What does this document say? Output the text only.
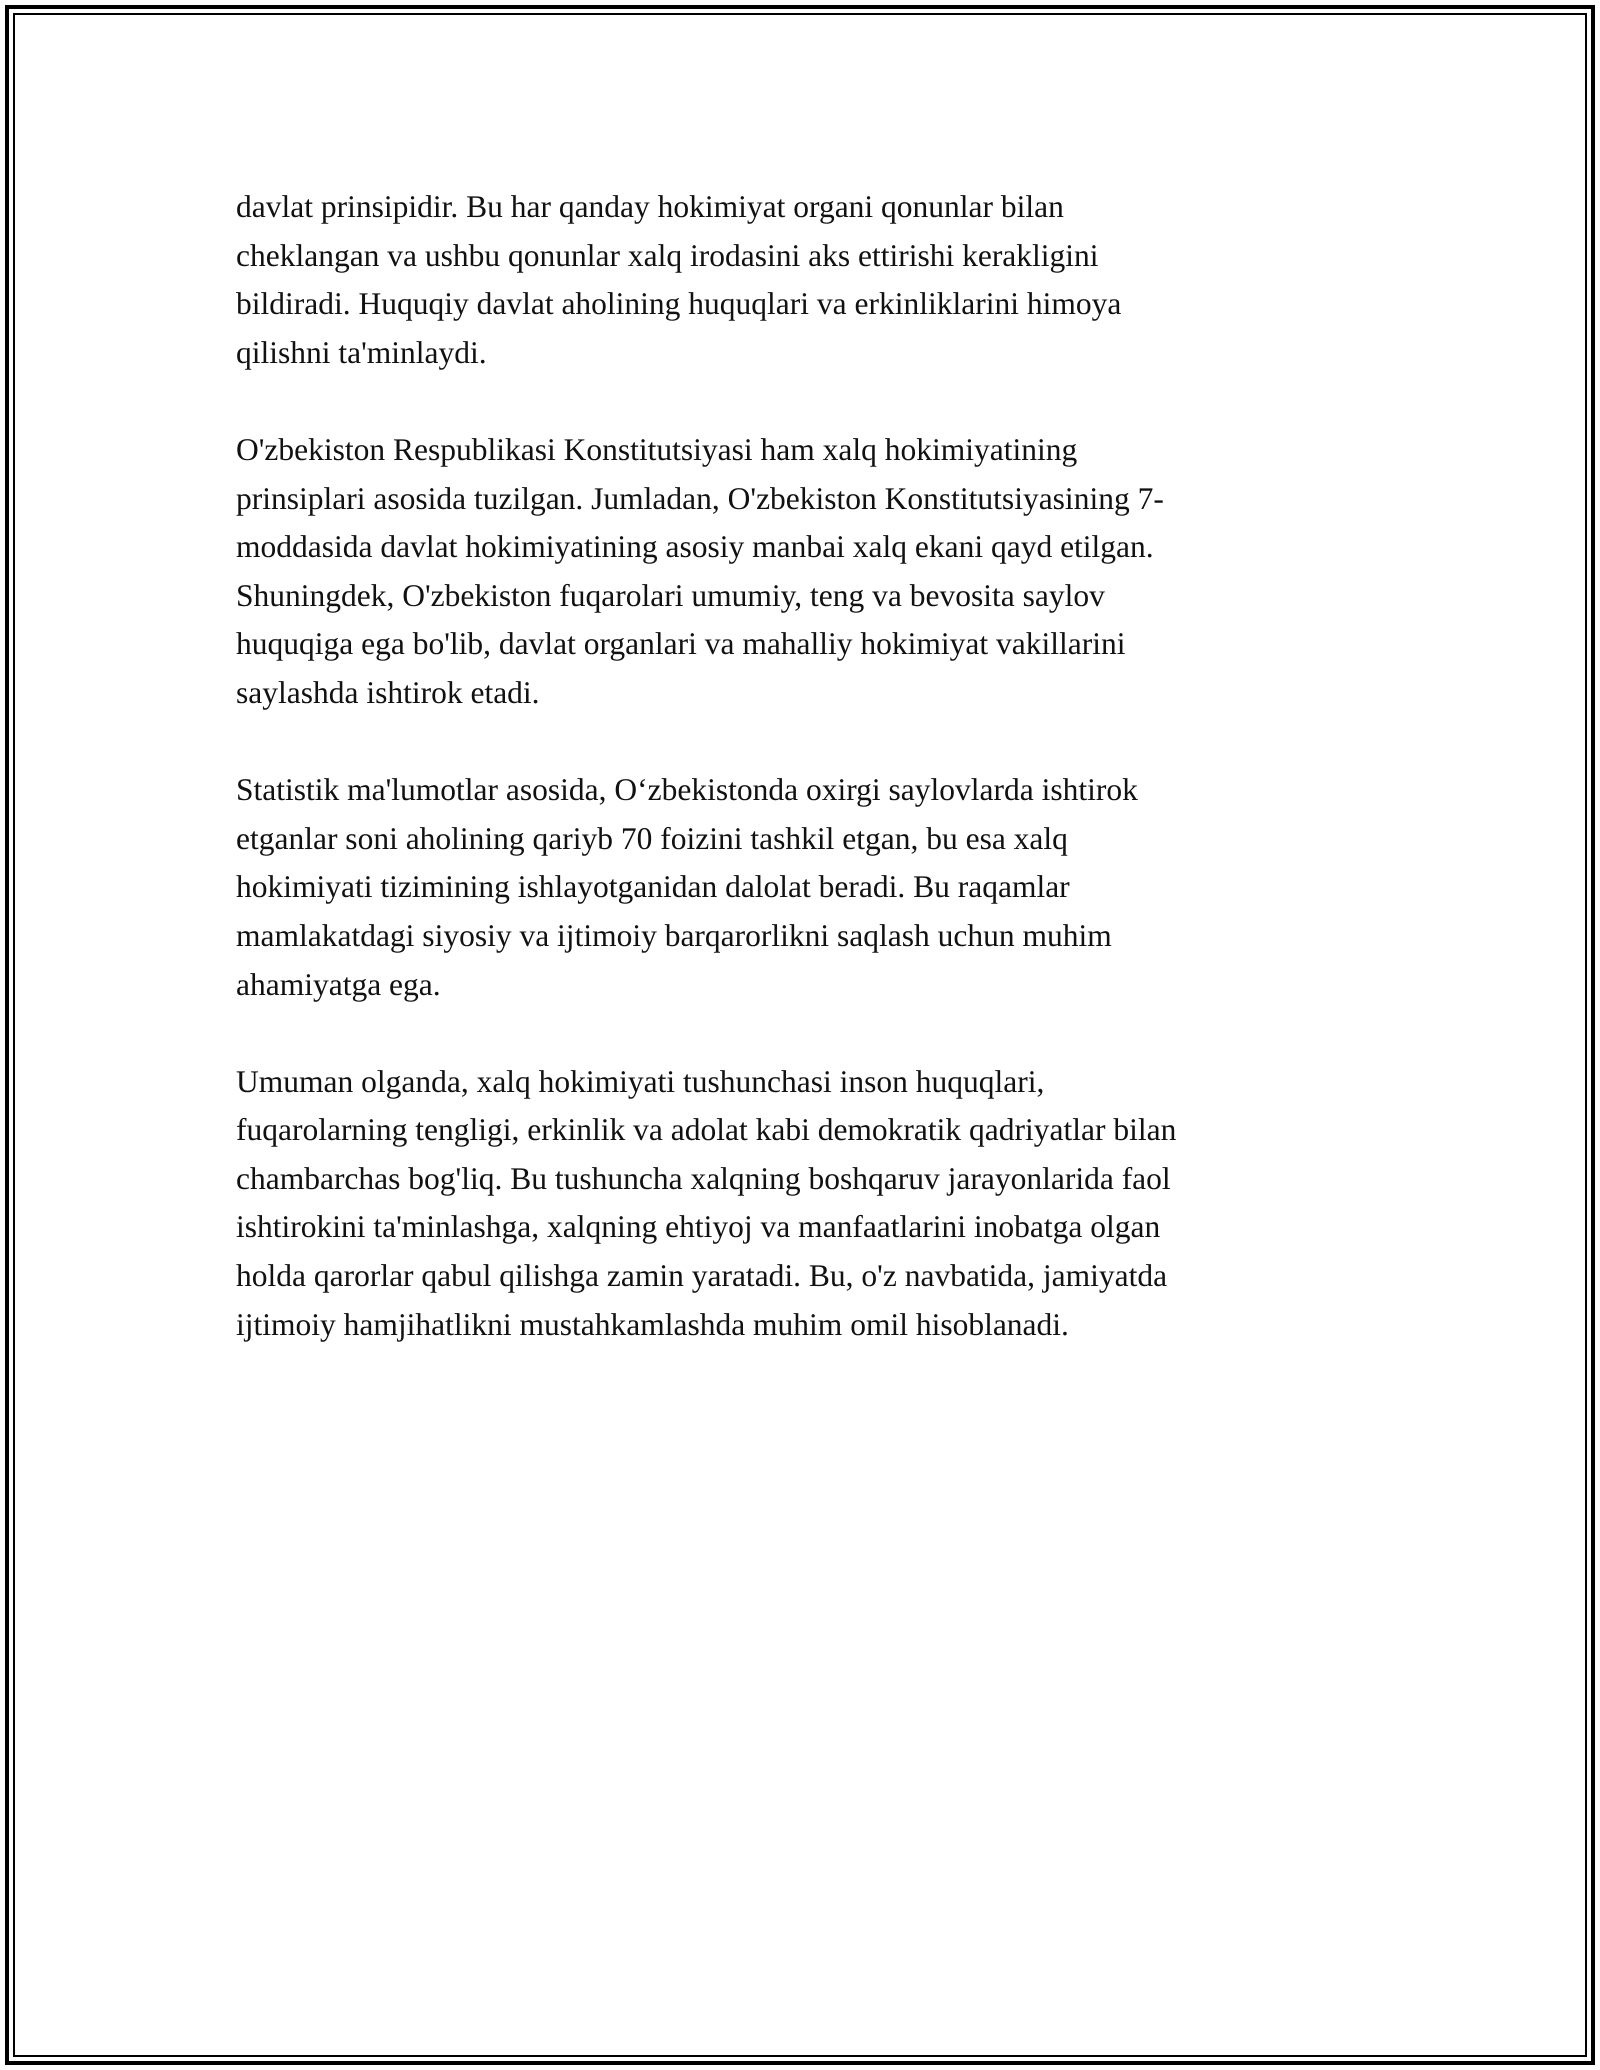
davlat prinsipidir. Bu har qanday hokimiyat organi qonunlar bilan
cheklangan va ushbu qonunlar xalq irodasini aks ettirishi kerakligini
bildiradi. Huquqiy davlat aholining huquqlari va erkinliklarini himoya
qilishni ta'minlaydi.

O'zbekiston Respublikasi Konstitutsiyasi ham xalq hokimiyatining
prinsiplari asosida tuzilgan. Jumladan, O'zbekiston Konstitutsiyasining 7-
moddasida davlat hokimiyatining asosiy manbai xalq ekani qayd etilgan.
Shuningdek, O'zbekiston fuqarolari umumiy, teng va bevosita saylov
huquqiga ega bo'lib, davlat organlari va mahalliy hokimiyat vakillarini
saylashda ishtirok etadi.

Statistik ma'lumotlar asosida, O‘zbekistonda oxirgi saylovlarda ishtirok
etganlar soni aholining qariyb 70 foizini tashkil etgan, bu esa xalq
hokimiyati tizimining ishlayotganidan dalolat beradi. Bu raqamlar
mamlakatdagi siyosiy va ijtimoiy barqarorlikni saqlash uchun muhim
ahamiyatga ega.

Umuman olganda, xalq hokimiyati tushunchasi inson huquqlari,
fuqarolarning tengligi, erkinlik va adolat kabi demokratik qadriyatlar bilan
chambarchas bog'liq. Bu tushuncha xalqning boshqaruv jarayonlarida faol
ishtirokini ta'minlashga, xalqning ehtiyoj va manfaatlarini inobatga olgan
holda qarorlar qabul qilishga zamin yaratadi. Bu, o'z navbatida, jamiyatda
ijtimoiy hamjihatlikni mustahkamlashda muhim omil hisoblanadi.
